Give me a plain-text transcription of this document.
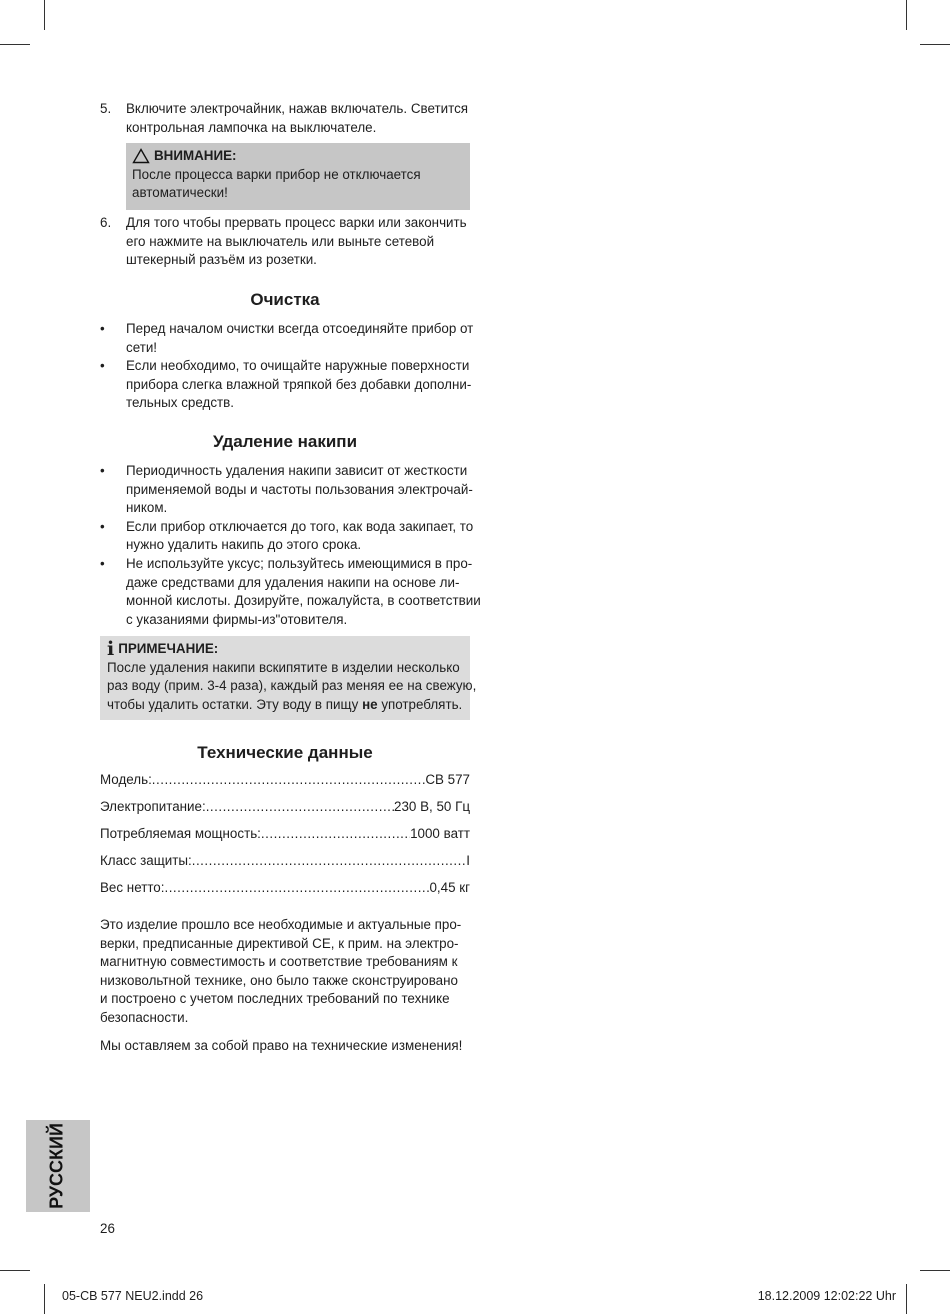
5. Включите электрочайник, нажав включатель. Светится
контрольная лампочка на выключателе.
ВНИМАНИЕ:
После процесса варки прибор не отключается
автоматически!
6. Для того чтобы прервать процесс варки или закончить
его нажмите на выключатель или выньте сетевой
штекерный разъём из розетки.
Очистка
• Перед началом очистки всегда отсоединяйте прибор от
сети!
• Если необходимо, то очищайте наружные поверхности
прибора слегка влажной тряпкой без добавки дополни-
тельных средств.
Удаление накипи
• Периодичность удаления накипи зависит от жесткости
применяемой воды и частоты пользования электрочай-
ником.
• Если прибор отключается до того, как вода закипает, то
нужно удалить накипь до этого срока.
• Не используйте уксус; пользуйтесь имеющимися в про-
даже средствами для удаления накипи на основе ли-
монной кислоты. Дозируйте, пожалуйста, в соответствии
с указаниями фирмы-из"отовителя.
i ПРИМЕЧАНИЕ:
После удаления накипи вскипятите в изделии несколько
раз воду (прим. 3-4 раза), каждый раз меняя ее на свежую,
чтобы удалить остатки. Эту воду в пищу не употреблять.
Технические данные
Модель: .....	CB 577
Электропитание: .....	230 В, 50 Гц
Потребляемая мощность: .....	1000 ватт
Класс защиты: .....	I
Вес нетто: .....	0,45 кг
Это изделие прошло все необходимые и актуальные про-
верки, предписанные директивой СЕ, к прим. на электро-
магнитную совместимость и соответствие требованиям к
низковольтной технике, оно было также сконструировано
и построено с учетом последних требований по технике
безопасности.
Мы оставляем за собой право на технические изменения!
РУССКИЙ
26
05-CB 577 NEU2.indd 26	18.12.2009 12:02:22 Uhr
